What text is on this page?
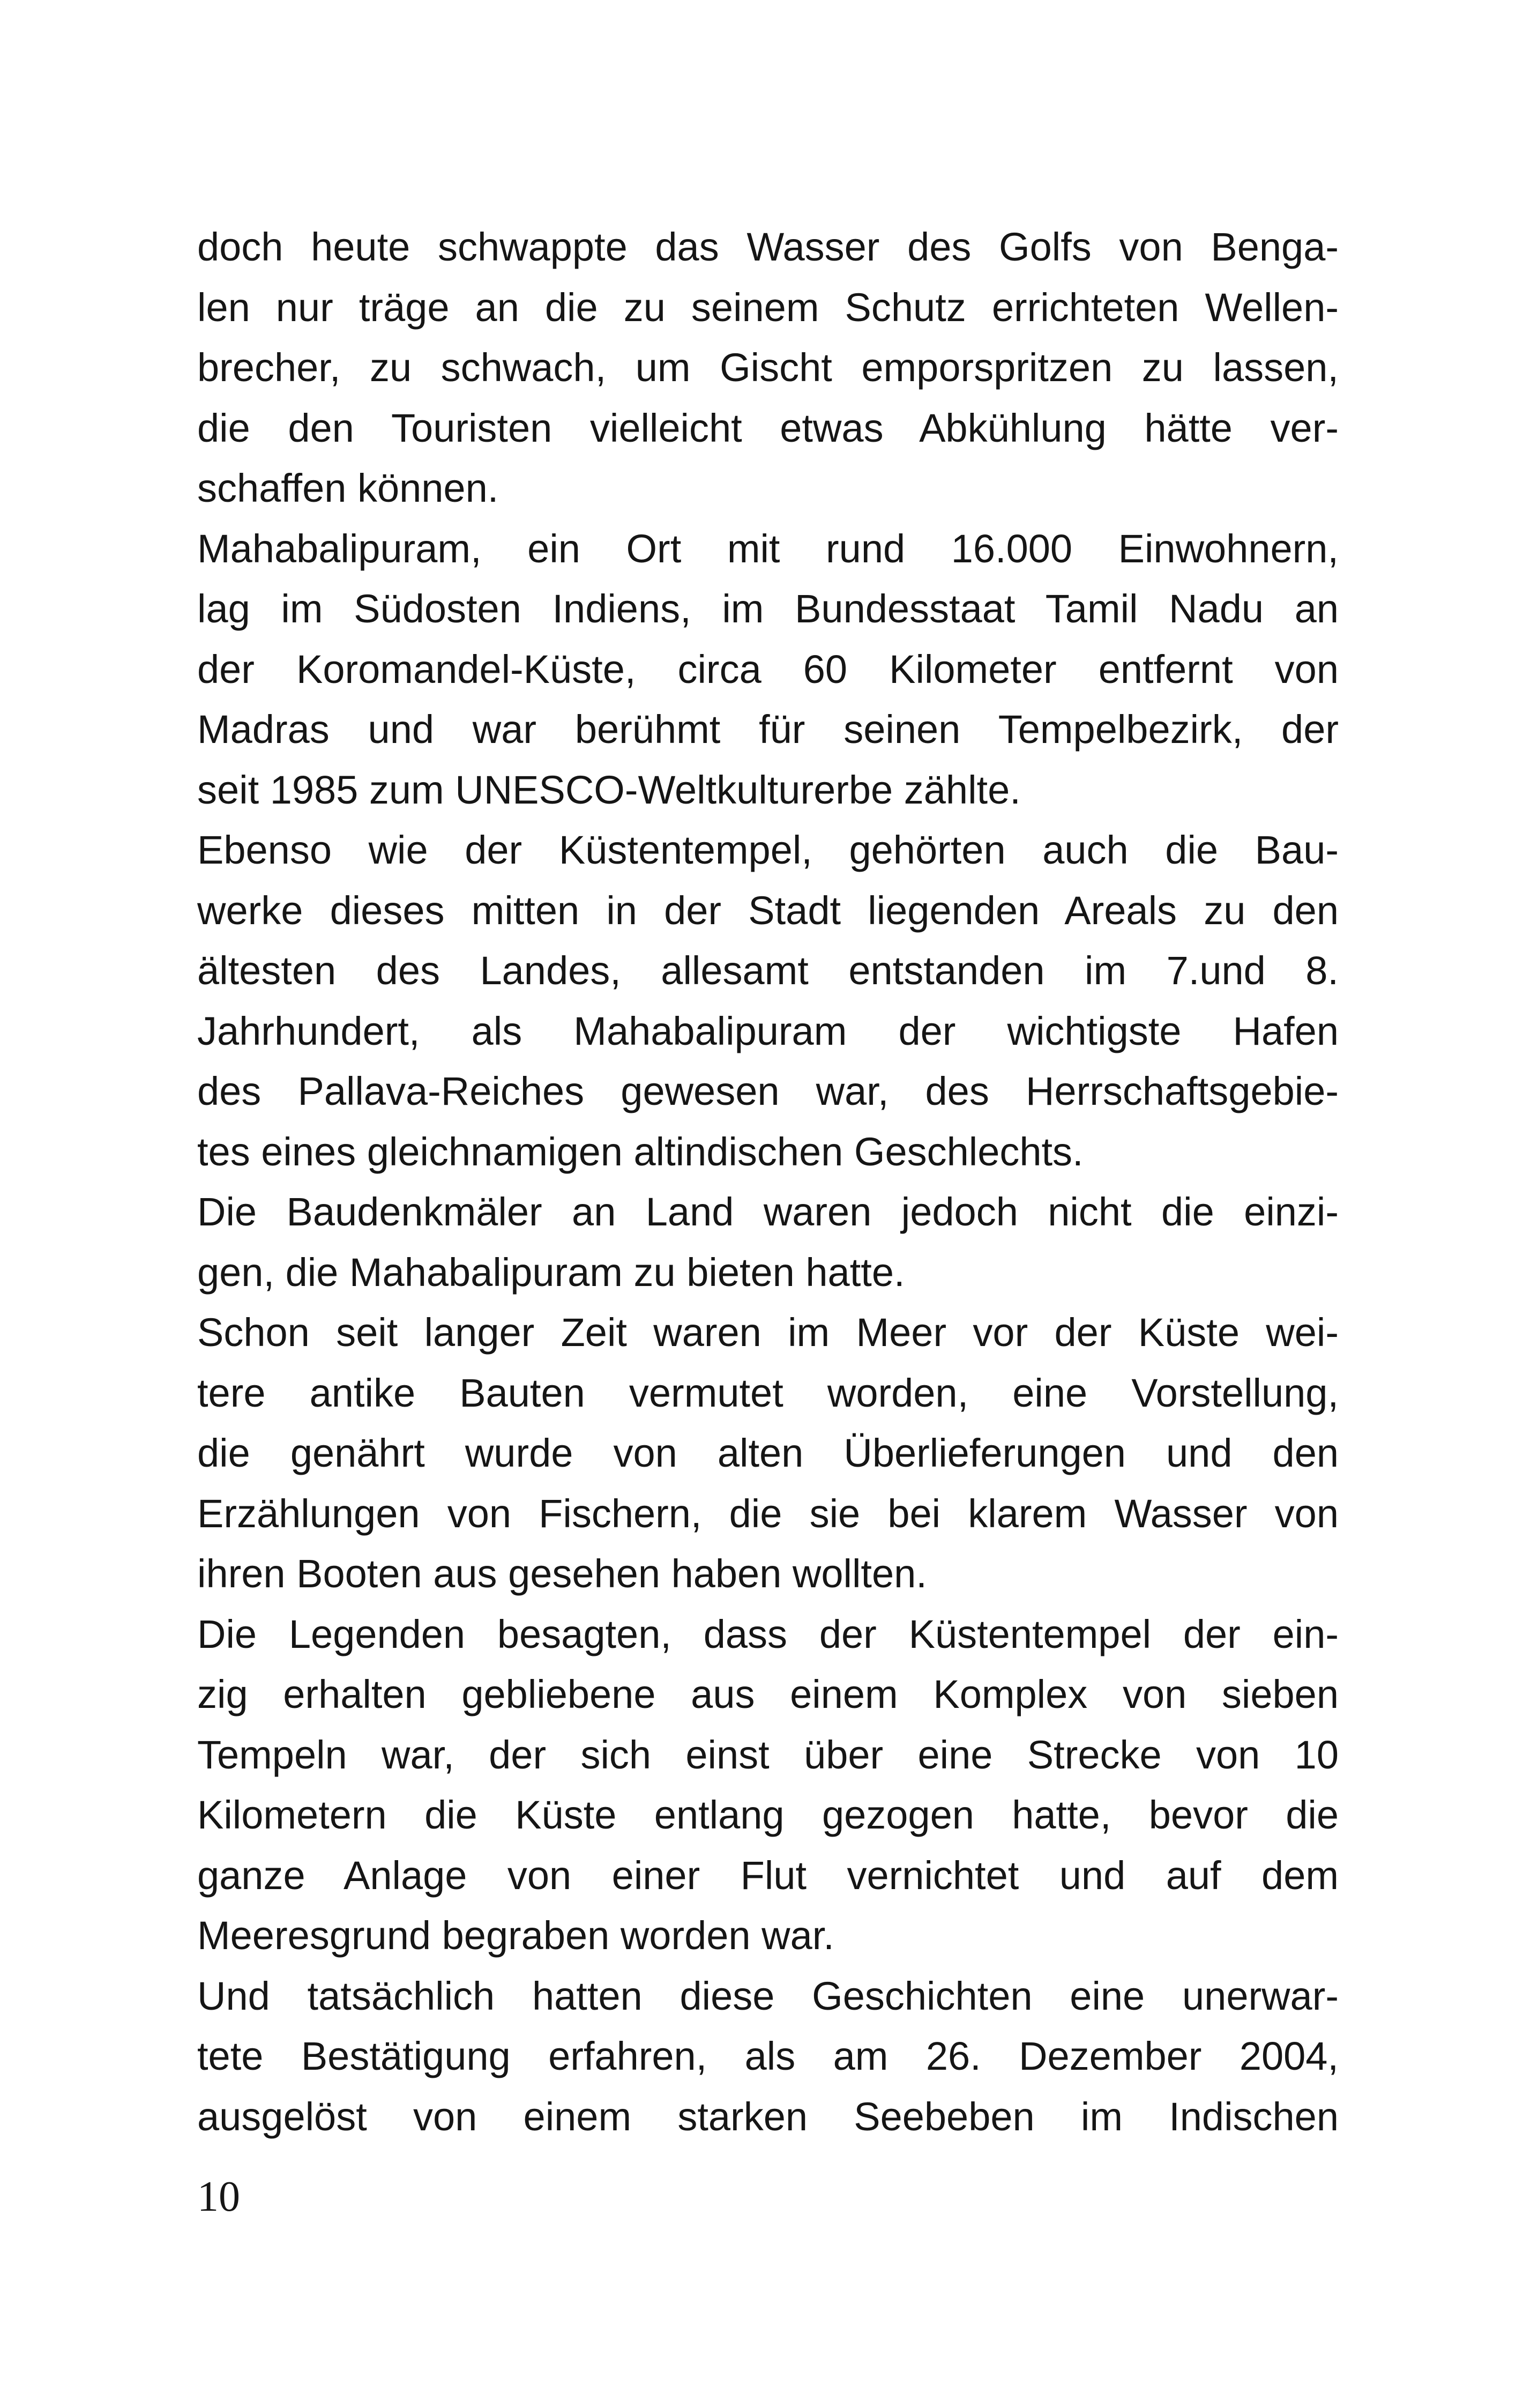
doch heute schwappte das Wasser des Golfs von Benga-
len nur träge an die zu seinem Schutz errichteten Wellen-
brecher, zu schwach, um Gischt emporspritzen zu lassen,
die den Touristen vielleicht etwas Abkühlung hätte ver-
schaffen können.
Mahabalipuram, ein Ort mit rund 16.000 Einwohnern,
lag im Südosten Indiens, im Bundesstaat Tamil Nadu an
der Koromandel-Küste, circa 60 Kilometer entfernt von
Madras und war berühmt für seinen Tempelbezirk, der
seit 1985 zum UNESCO-Weltkulturerbe zählte.
Ebenso wie der Küstentempel, gehörten auch die Bau-
werke dieses mitten in der Stadt liegenden Areals zu den
ältesten des Landes, allesamt entstanden im 7.und 8.
Jahrhundert, als Mahabalipuram der wichtigste Hafen
des Pallava-Reiches gewesen war, des Herrschaftsgebie-
tes eines gleichnamigen altindischen Geschlechts.
Die Baudenkmäler an Land waren jedoch nicht die einzi-
gen, die Mahabalipuram zu bieten hatte.
Schon seit langer Zeit waren im Meer vor der Küste wei-
tere antike Bauten vermutet worden, eine Vorstellung,
die genährt wurde von alten Überlieferungen und den
Erzählungen von Fischern, die sie bei klarem Wasser von
ihren Booten aus gesehen haben wollten.
Die Legenden besagten, dass der Küstentempel der ein-
zig erhalten gebliebene aus einem Komplex von sieben
Tempeln war, der sich einst über eine Strecke von 10
Kilometern die Küste entlang gezogen hatte, bevor die
ganze Anlage von einer Flut vernichtet und auf dem
Meeresgrund begraben worden war.
Und tatsächlich hatten diese Geschichten eine unerwar-
tete Bestätigung erfahren, als am 26. Dezember 2004,
ausgelöst von einem starken Seebeben im Indischen
10
